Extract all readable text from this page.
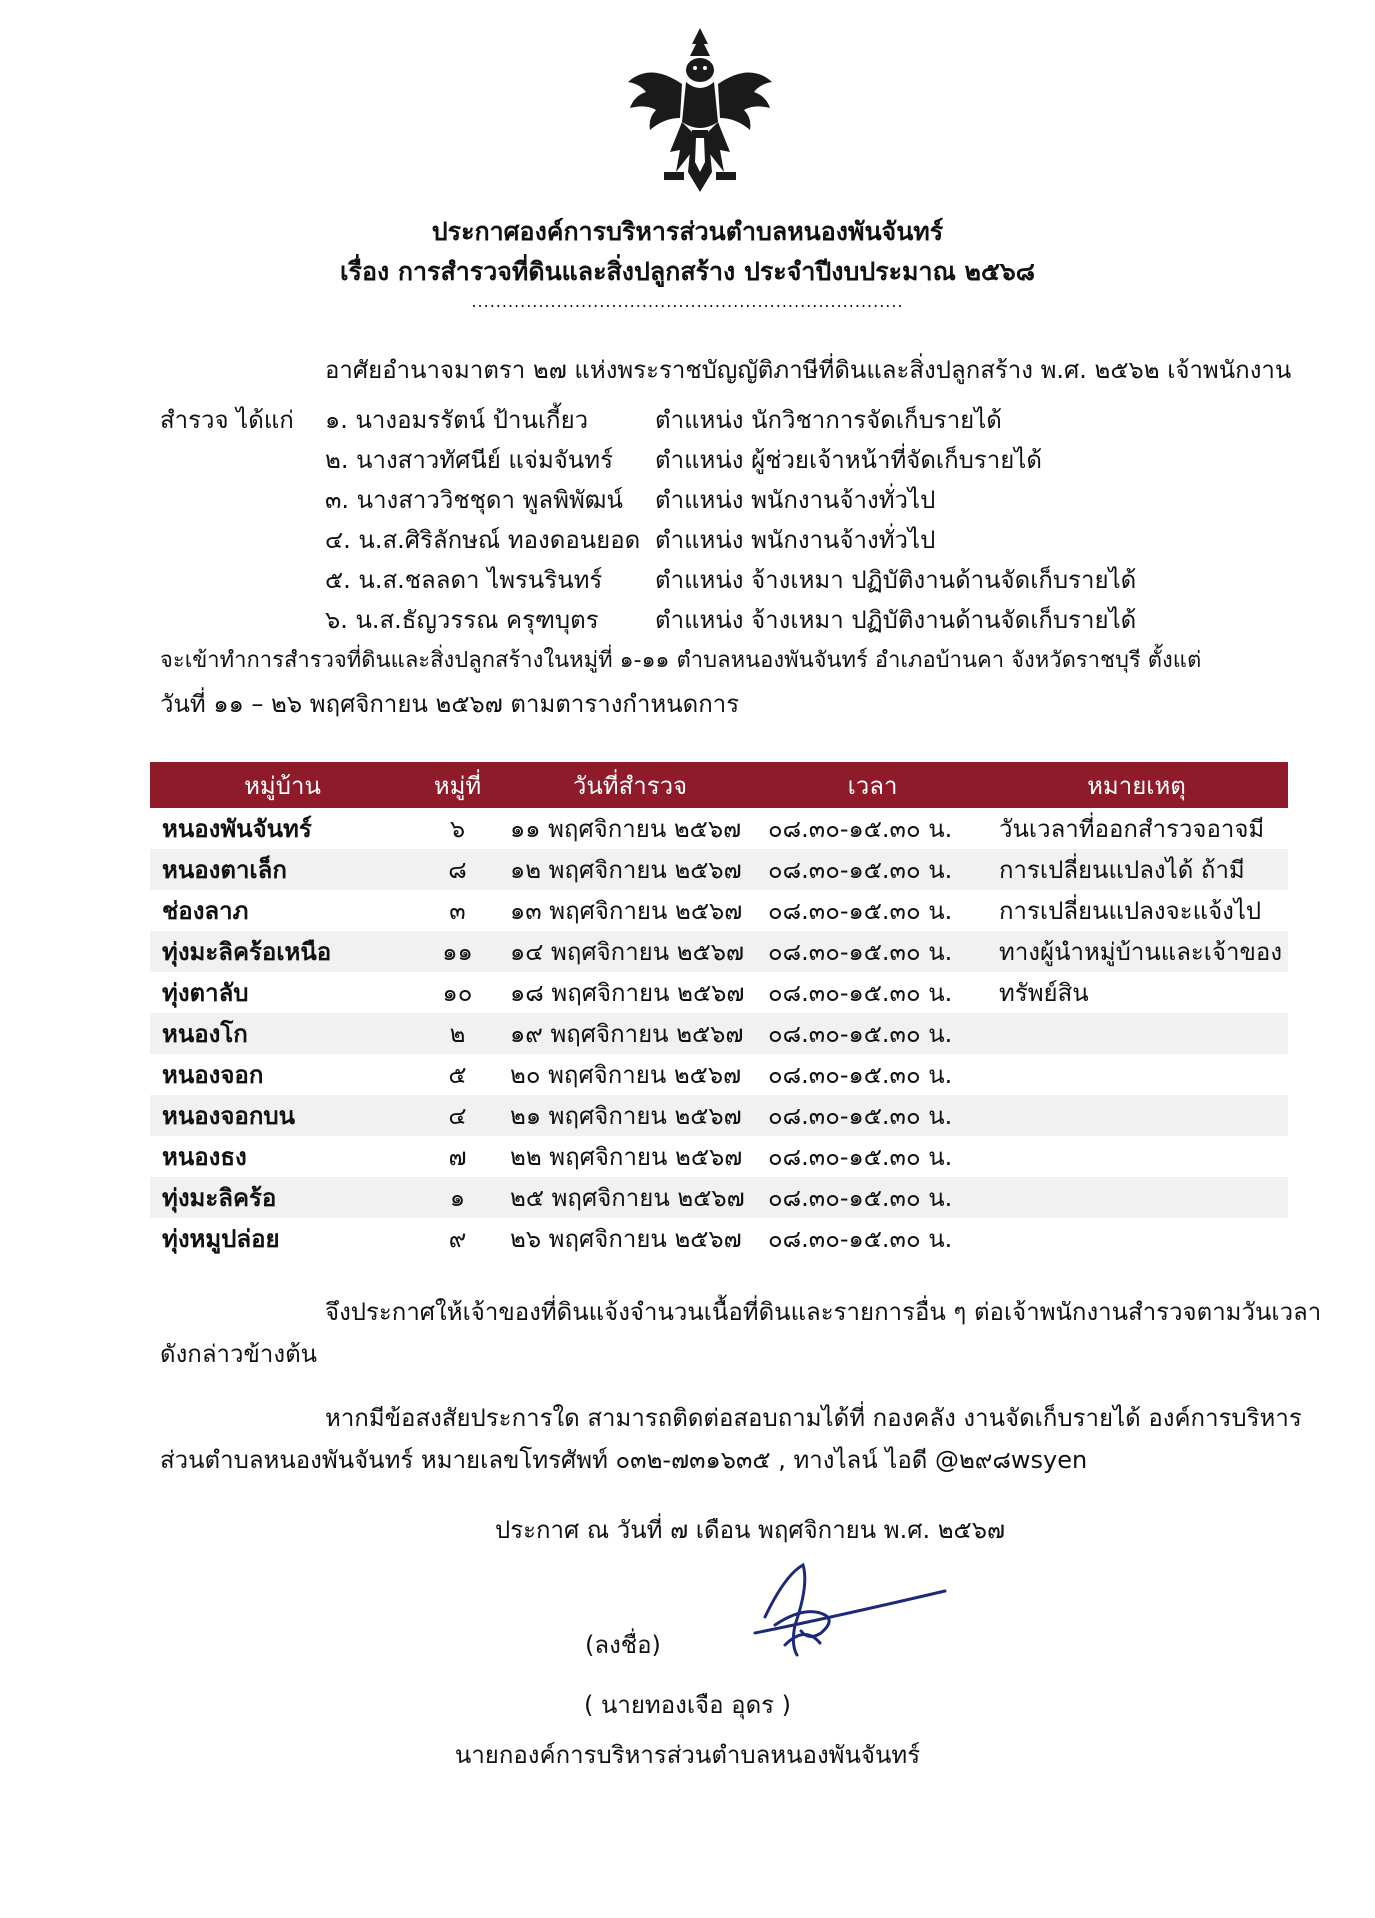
ประกาศองค์การบริหารส่วนตำบลหนองพันจันทร์
เรื่อง การสำรวจที่ดินและสิ่งปลูกสร้าง ประจำปีงบประมาณ ๒๕๖๘
.......................................................................
อาศัยอำนาจมาตรา ๒๗ แห่งพระราชบัญญัติภาษีที่ดินและสิ่งปลูกสร้าง พ.ศ. ๒๕๖๒ เจ้าพนักงาน
สำรวจ ได้แก่ ๑. นางอมรรัตน์ ป้านเกี้ยว	ตำแหน่ง นักวิชาการจัดเก็บรายได้
๒. นางสาวทัศนีย์ แจ่มจันทร์ ตำแหน่ง ผู้ช่วยเจ้าหน้าที่จัดเก็บรายได้
๓. นางสาววิชชุดา พูลพิพัฒน์ ตำแหน่ง พนักงานจ้างทั่วไป
๔. น.ส.ศิริลักษณ์ ทองดอนยอด ตำแหน่ง พนักงานจ้างทั่วไป
๕. น.ส.ชลลดา ไพรนรินทร์ ตำแหน่ง จ้างเหมา ปฏิบัติงานด้านจัดเก็บรายได้
๖. น.ส.ธัญวรรณ ครุฑบุตร ตำแหน่ง จ้างเหมา ปฏิบัติงานด้านจัดเก็บรายได้
จะเข้าทำการสำรวจที่ดินและสิ่งปลูกสร้างในหมู่ที่ ๑-๑๑ ตำบลหนองพันจันทร์ อำเภอบ้านคา จังหวัดราชบุรี ตั้งแต่
วันที่ ๑๑ – ๒๖ พฤศจิกายน ๒๕๖๗ ตามตารางกำหนดการ
หมู่บ้าน	หมู่ที่	วันที่สำรวจ	เวลา	หมายเหตุ
หนองพันจันทร์	๖	๑๑ พฤศจิกายน ๒๕๖๗	๐๘.๓๐-๑๕.๓๐ น.	วันเวลาที่ออกสำรวจอาจมี
หนองตาเล็ก	๘	๑๒ พฤศจิกายน ๒๕๖๗	๐๘.๓๐-๑๕.๓๐ น.	การเปลี่ยนแปลงได้ ถ้ามี
ช่องลาภ	๓	๑๓ พฤศจิกายน ๒๕๖๗	๐๘.๓๐-๑๕.๓๐ น.	การเปลี่ยนแปลงจะแจ้งไป
ทุ่งมะลิคร้อเหนือ	๑๑	๑๔ พฤศจิกายน ๒๕๖๗	๐๘.๓๐-๑๕.๓๐ น.	ทางผู้นำหมู่บ้านและเจ้าของ
ทุ่งตาลับ	๑๐	๑๘ พฤศจิกายน ๒๕๖๗	๐๘.๓๐-๑๕.๓๐ น.	ทรัพย์สิน
หนองโก	๒	๑๙ พฤศจิกายน ๒๕๖๗	๐๘.๓๐-๑๕.๓๐ น.	
หนองจอก	๕	๒๐ พฤศจิกายน ๒๕๖๗	๐๘.๓๐-๑๕.๓๐ น.	
หนองจอกบน	๔	๒๑ พฤศจิกายน ๒๕๖๗	๐๘.๓๐-๑๕.๓๐ น.	
หนองธง	๗	๒๒ พฤศจิกายน ๒๕๖๗	๐๘.๓๐-๑๕.๓๐ น.	
ทุ่งมะลิคร้อ	๑	๒๕ พฤศจิกายน ๒๕๖๗	๐๘.๓๐-๑๕.๓๐ น.	
ทุ่งหมูปล่อย	๙	๒๖ พฤศจิกายน ๒๕๖๗	๐๘.๓๐-๑๕.๓๐ น.	
จึงประกาศให้เจ้าของที่ดินแจ้งจำนวนเนื้อที่ดินและรายการอื่น ๆ ต่อเจ้าพนักงานสำรวจตามวันเวลา
ดังกล่าวข้างต้น
หากมีข้อสงสัยประการใด สามารถติดต่อสอบถามได้ที่ กองคลัง งานจัดเก็บรายได้ องค์การบริหาร
ส่วนตำบลหนองพันจันทร์ หมายเลขโทรศัพท์ ๐๓๒-๗๓๑๖๓๕ , ทางไลน์ ไอดี @๒๙๘wsyen
ประกาศ ณ วันที่ ๗ เดือน พฤศจิกายน พ.ศ. ๒๕๖๗
(ลงชื่อ)
( นายทองเจือ อุดร )
นายกองค์การบริหารส่วนตำบลหนองพันจันทร์
